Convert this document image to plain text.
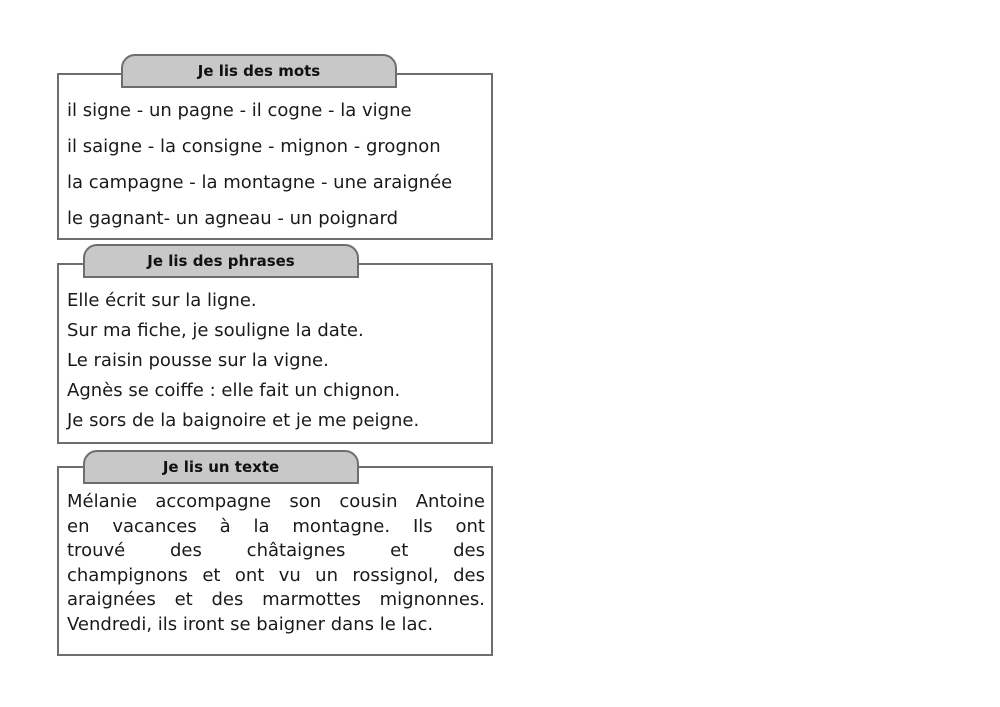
Je lis des mots
il signe - un pagne - il cogne - la vigne
il saigne - la consigne - mignon - grognon
la campagne - la montagne - une araignée
le gagnant- un agneau - un poignard
Je lis des phrases
Elle écrit sur la ligne.
Sur ma fiche, je souligne la date.
Le raisin pousse sur la vigne.
Agnès se coiffe : elle fait un chignon.
Je sors de la baignoire et je me peigne.
Je lis un texte
Mélanie accompagne son cousin Antoine
en vacances à la montagne. Ils ont
trouvé des châtaignes et des
champignons et ont vu un rossignol, des
araignées et des marmottes mignonnes.
Vendredi, ils iront se baigner dans le lac.
